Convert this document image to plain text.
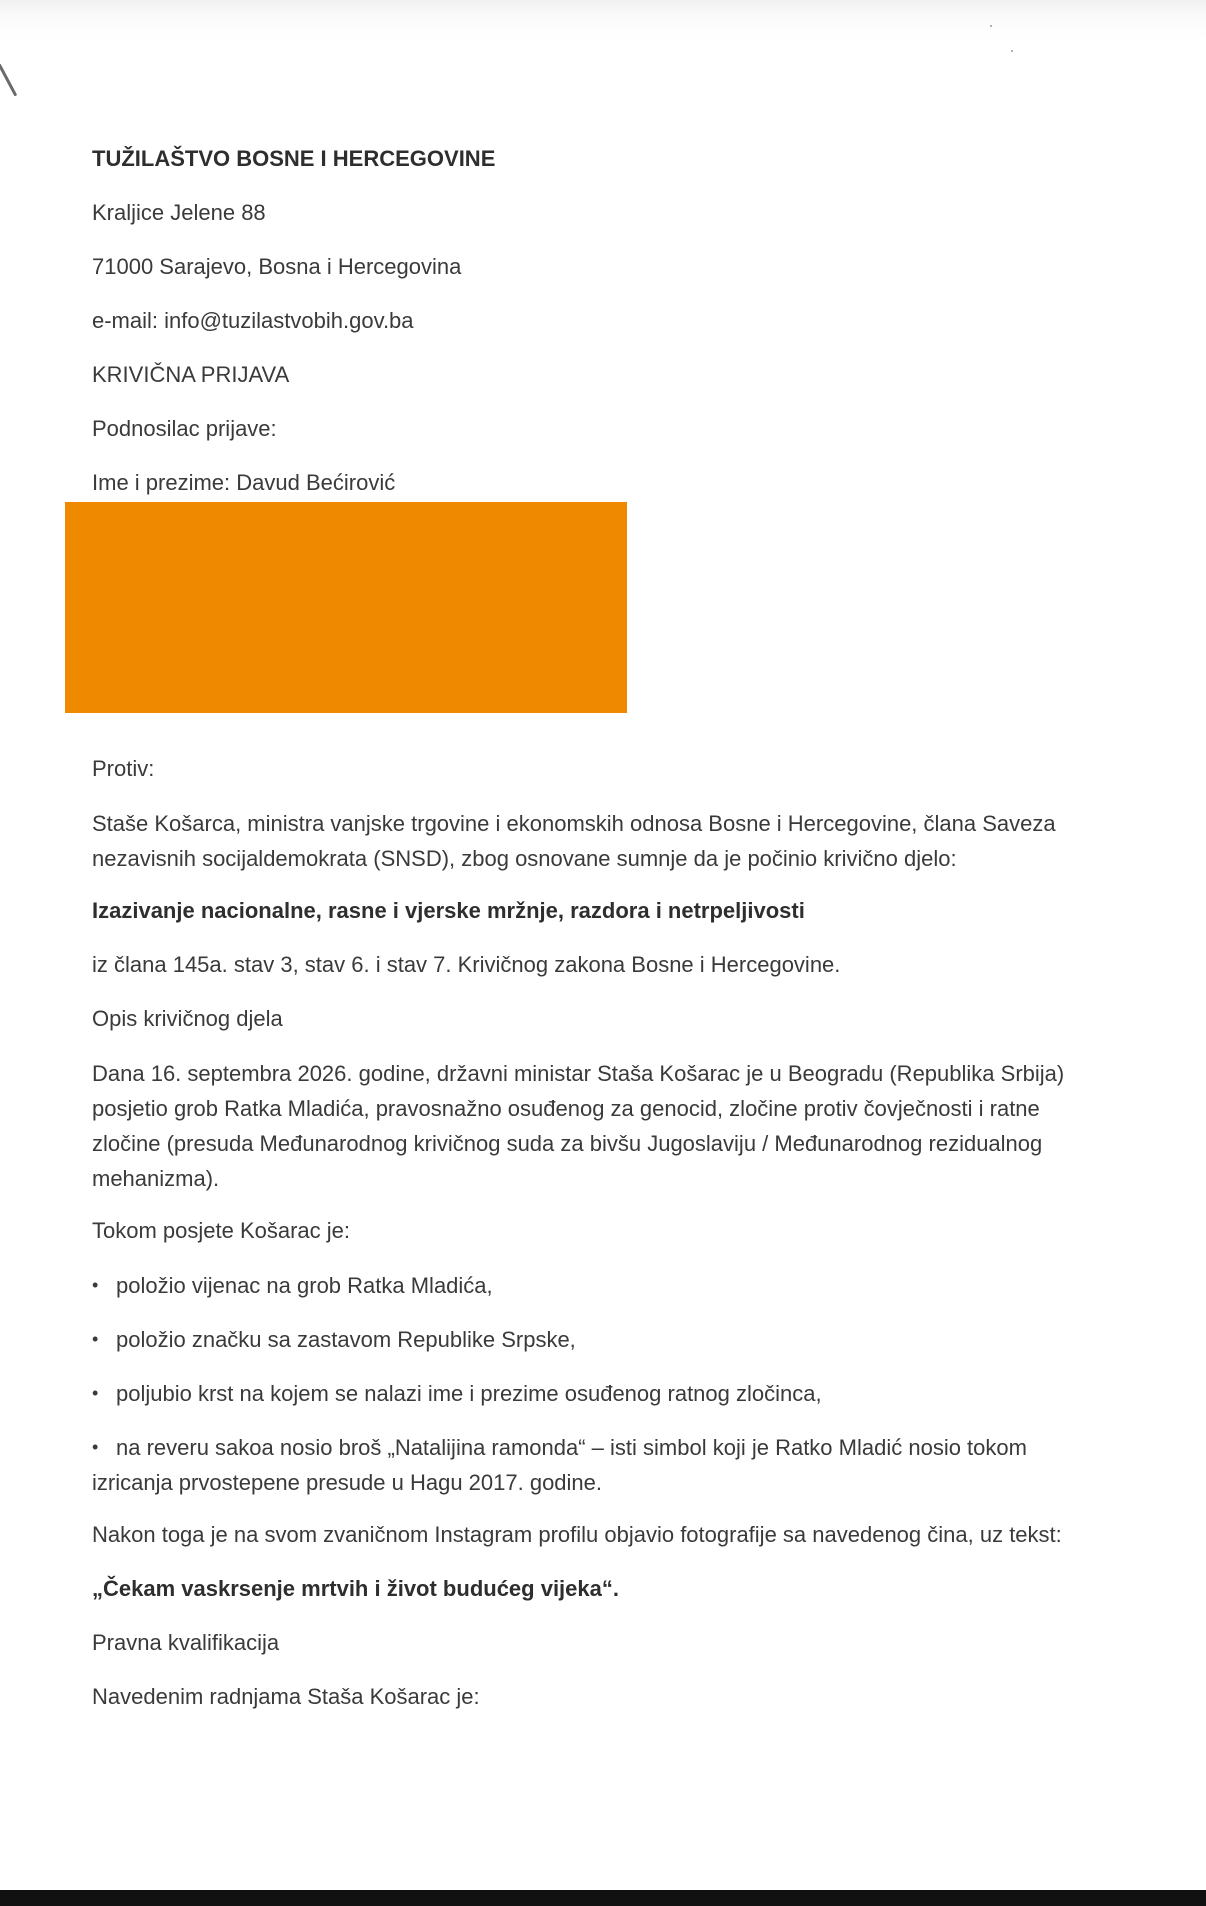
TUŽILAŠTVO BOSNE I HERCEGOVINE

Kraljice Jelene 88

71000 Sarajevo, Bosna i Hercegovina

e-mail: info@tuzilastvobih.gov.ba

KRIVIČNA PRIJAVA

Podnosilac prijave:

Ime i prezime: Davud Bećirović

Protiv:

Staše Košarca, ministra vanjske trgovine i ekonomskih odnosa Bosne i Hercegovine, člana Saveza

nezavisnih socijaldemokrata (SNSD), zbog osnovane sumnje da je počinio krivično djelo:

Izazivanje nacionalne, rasne i vjerske mržnje, razdora i netrpeljivosti

iz člana 145a. stav 3, stav 6. i stav 7. Krivičnog zakona Bosne i Hercegovine.

Opis krivičnog djela

Dana 16. septembra 2026. godine, državni ministar Staša Košarac je u Beogradu (Republika Srbija)

posjetio grob Ratka Mladića, pravosnažno osuđenog za genocid, zločine protiv čovječnosti i ratne

zločine (presuda Međunarodnog krivičnog suda za bivšu Jugoslaviju / Međunarodnog rezidualnog

mehanizma).

Tokom posjete Košarac je:

• položio vijenac na grob Ratka Mladića,
• položio značku sa zastavom Republike Srpske,
• poljubio krst na kojem se nalazi ime i prezime osuđenog ratnog zločinca,
• na reveru sakoa nosio broš „Natalijina ramonda“ – isti simbol koji je Ratko Mladić nosio tokom

izricanja prvostepene presude u Hagu 2017. godine.

Nakon toga je na svom zvaničnom Instagram profilu objavio fotografije sa navedenog čina, uz tekst:

„Čekam vaskrsenje mrtvih i život budućeg vijeka“.

Pravna kvalifikacija

Navedenim radnjama Staša Košarac je:
